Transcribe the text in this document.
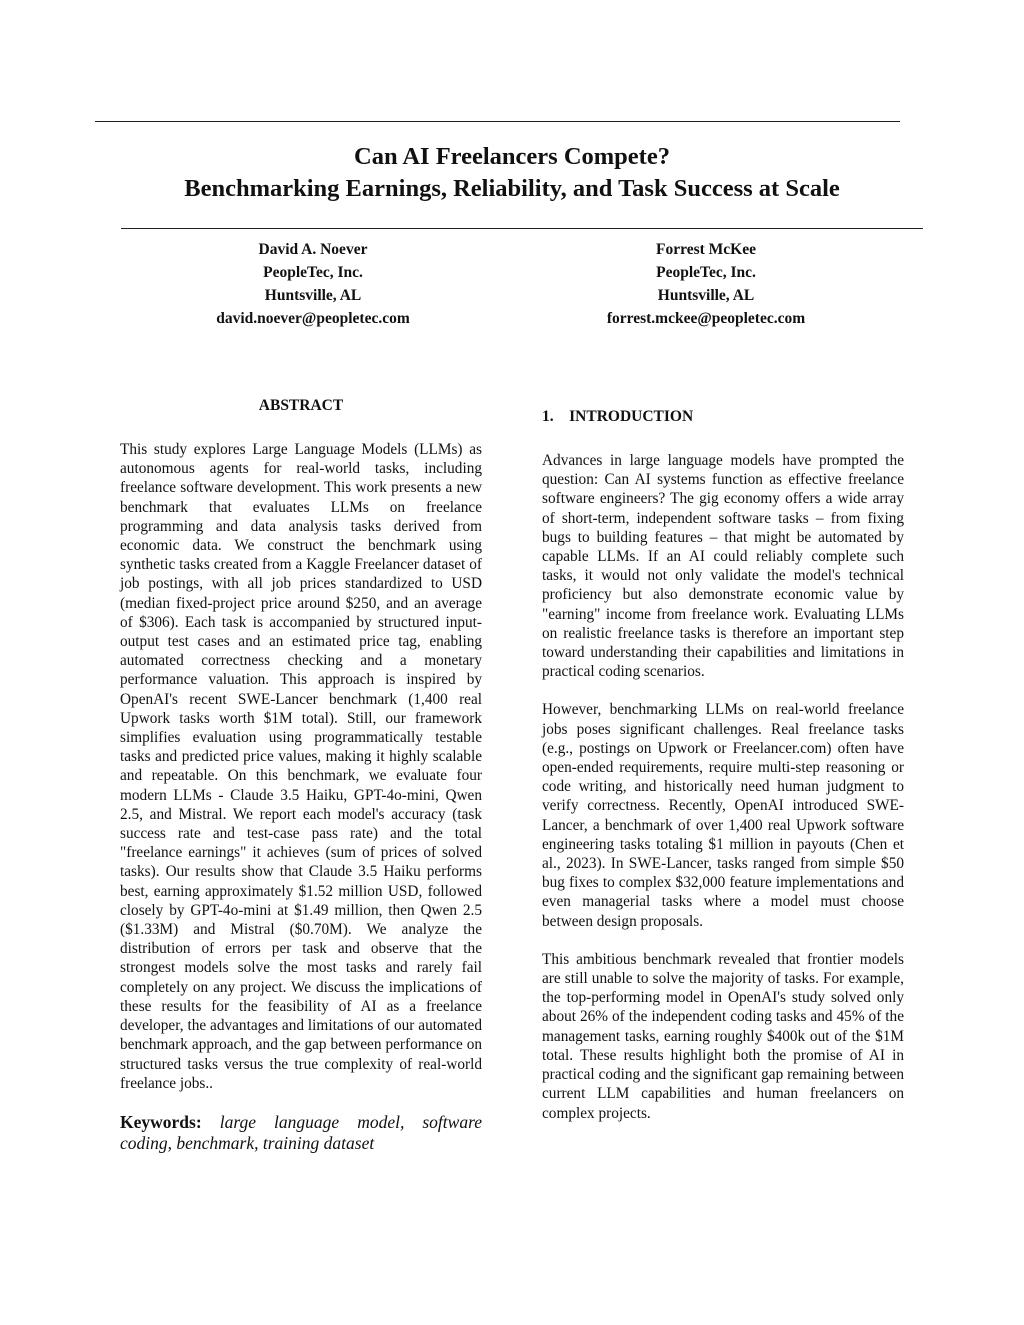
Can AI Freelancers Compete?
Benchmarking Earnings, Reliability, and Task Success at Scale
David A. Noever
PeopleTec, Inc.
Huntsville, AL
david.noever@peopletec.com
Forrest McKee
PeopleTec, Inc.
Huntsville, AL
forrest.mckee@peopletec.com
ABSTRACT

This study explores Large Language Models (LLMs) as autonomous agents for real-world tasks, including freelance software development. This work presents a new benchmark that evaluates LLMs on freelance programming and data analysis tasks derived from economic data. We construct the benchmark using synthetic tasks created from a Kaggle Freelancer dataset of job postings, with all job prices standardized to USD (median fixed-project price around $250, and an average of $306). Each task is accompanied by structured input-output test cases and an estimated price tag, enabling automated correctness checking and a monetary performance valuation. This approach is inspired by OpenAI's recent SWE-Lancer benchmark (1,400 real Upwork tasks worth $1M total). Still, our framework simplifies evaluation using programmatically testable tasks and predicted price values, making it highly scalable and repeatable. On this benchmark, we evaluate four modern LLMs - Claude 3.5 Haiku, GPT-4o-mini, Qwen 2.5, and Mistral. We report each model's accuracy (task success rate and test-case pass rate) and the total "freelance earnings" it achieves (sum of prices of solved tasks). Our results show that Claude 3.5 Haiku performs best, earning approximately $1.52 million USD, followed closely by GPT-4o-mini at $1.49 million, then Qwen 2.5 ($1.33M) and Mistral ($0.70M). We analyze the distribution of errors per task and observe that the strongest models solve the most tasks and rarely fail completely on any project. We discuss the implications of these results for the feasibility of AI as a freelance developer, the advantages and limitations of our automated benchmark approach, and the gap between performance on structured tasks versus the true complexity of real-world freelance jobs..

Keywords: large language model, software coding, benchmark, training dataset
1.    INTRODUCTION

Advances in large language models have prompted the question: Can AI systems function as effective freelance software engineers? The gig economy offers a wide array of short-term, independent software tasks – from fixing bugs to building features – that might be automated by capable LLMs. If an AI could reliably complete such tasks, it would not only validate the model's technical proficiency but also demonstrate economic value by "earning" income from freelance work. Evaluating LLMs on realistic freelance tasks is therefore an important step toward understanding their capabilities and limitations in practical coding scenarios.

However, benchmarking LLMs on real-world freelance jobs poses significant challenges. Real freelance tasks (e.g., postings on Upwork or Freelancer.com) often have open-ended requirements, require multi-step reasoning or code writing, and historically need human judgment to verify correctness. Recently, OpenAI introduced SWE-Lancer, a benchmark of over 1,400 real Upwork software engineering tasks totaling $1 million in payouts (Chen et al., 2023). In SWE-Lancer, tasks ranged from simple $50 bug fixes to complex $32,000 feature implementations and even managerial tasks where a model must choose between design proposals.

This ambitious benchmark revealed that frontier models are still unable to solve the majority of tasks. For example, the top-performing model in OpenAI's study solved only about 26% of the independent coding tasks and 45% of the management tasks, earning roughly $400k out of the $1M total. These results highlight both the promise of AI in practical coding and the significant gap remaining between current LLM capabilities and human freelancers on complex projects.
